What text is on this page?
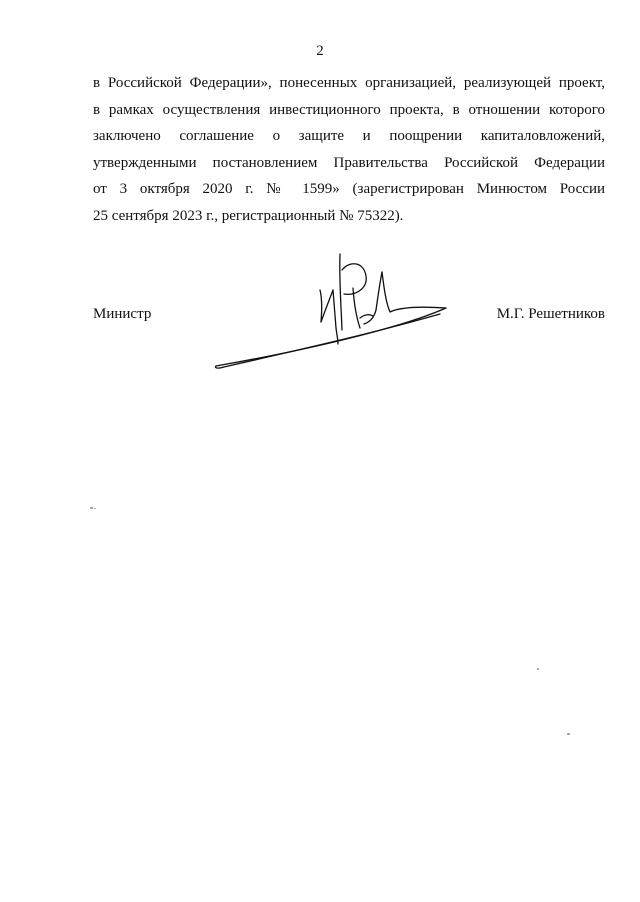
2
в Российской Федерации», понесенных организацией, реализующей проект,
в рамках осуществления инвестиционного проекта, в отношении которого
заключено соглашение о защите и поощрении капиталовложений,
утвержденными постановлением Правительства Российской Федерации
от 3 октября 2020 г. № 1599» (зарегистрирован Минюстом России
25 сентября 2023 г., регистрационный № 75322).
Министр	М.Г. Решетников
